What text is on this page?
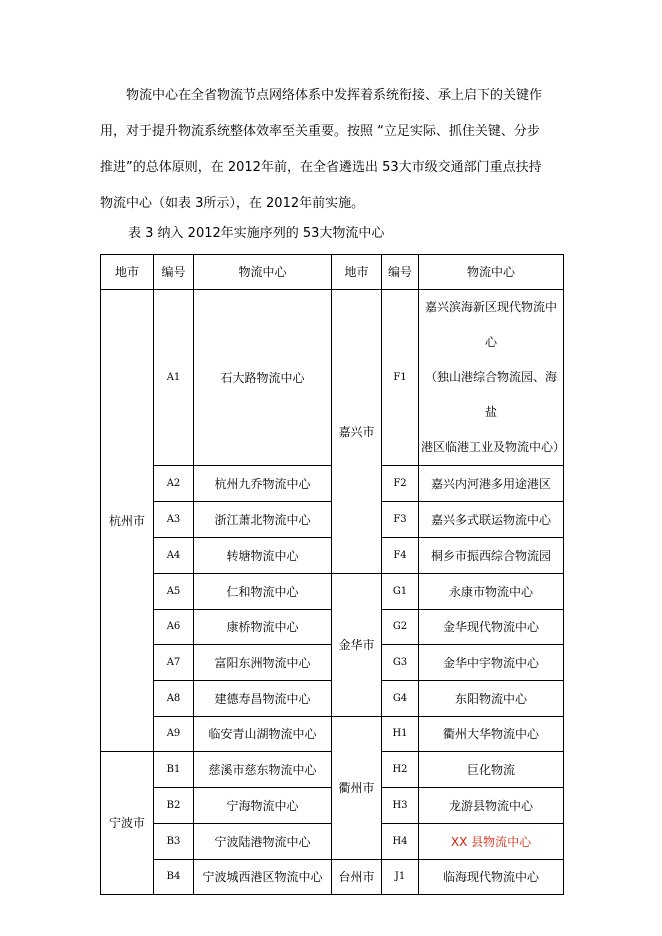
物流中心在全省物流节点网络体系中发挥着系统衔接、承上启下的关键作

用，对于提升物流系统整体效率至关重要。按照 “立足实际、抓住关键、分步

推进”的总体原则，在 2012年前，在全省遴选出 53大市级交通部门重点扶持

物流中心（如表 3所示），在 2012年前实施。

表 3 纳入 2012年实施序列的 53大物流中心
地市	编号	物流中心	地市	编号	物流中心
杭州市	A1	石大路物流中心	嘉兴市	F1	嘉兴滨海新区现代物流中心
（独山港综合物流园、海盐
港区临港工业及物流中心）

	A2	杭州九乔物流中心		F2	嘉兴内河港多用途港区
	A3	浙江萧北物流中心		F3	嘉兴多式联运物流中心
	A4	转塘物流中心		F4	桐乡市振西综合物流园
	A5	仁和物流中心	金华市	G1	永康市物流中心
	A6	康桥物流中心		G2	金华现代物流中心
	A7	富阳东洲物流中心		G3	金华中宇物流中心
	A8	建德寿昌物流中心		G4	东阳物流中心
	A9	临安青山湖物流中心	衢州市	H1	衢州大华物流中心
宁波市	B1	慈溪市慈东物流中心		H2	巨化物流
	B2	宁海物流中心		H3	龙游县物流中心
	B3	宁波陆港物流中心		H4	XX 县物流中心
	B4	宁波城西港区物流中心	台州市	J1	临海现代物流中心
